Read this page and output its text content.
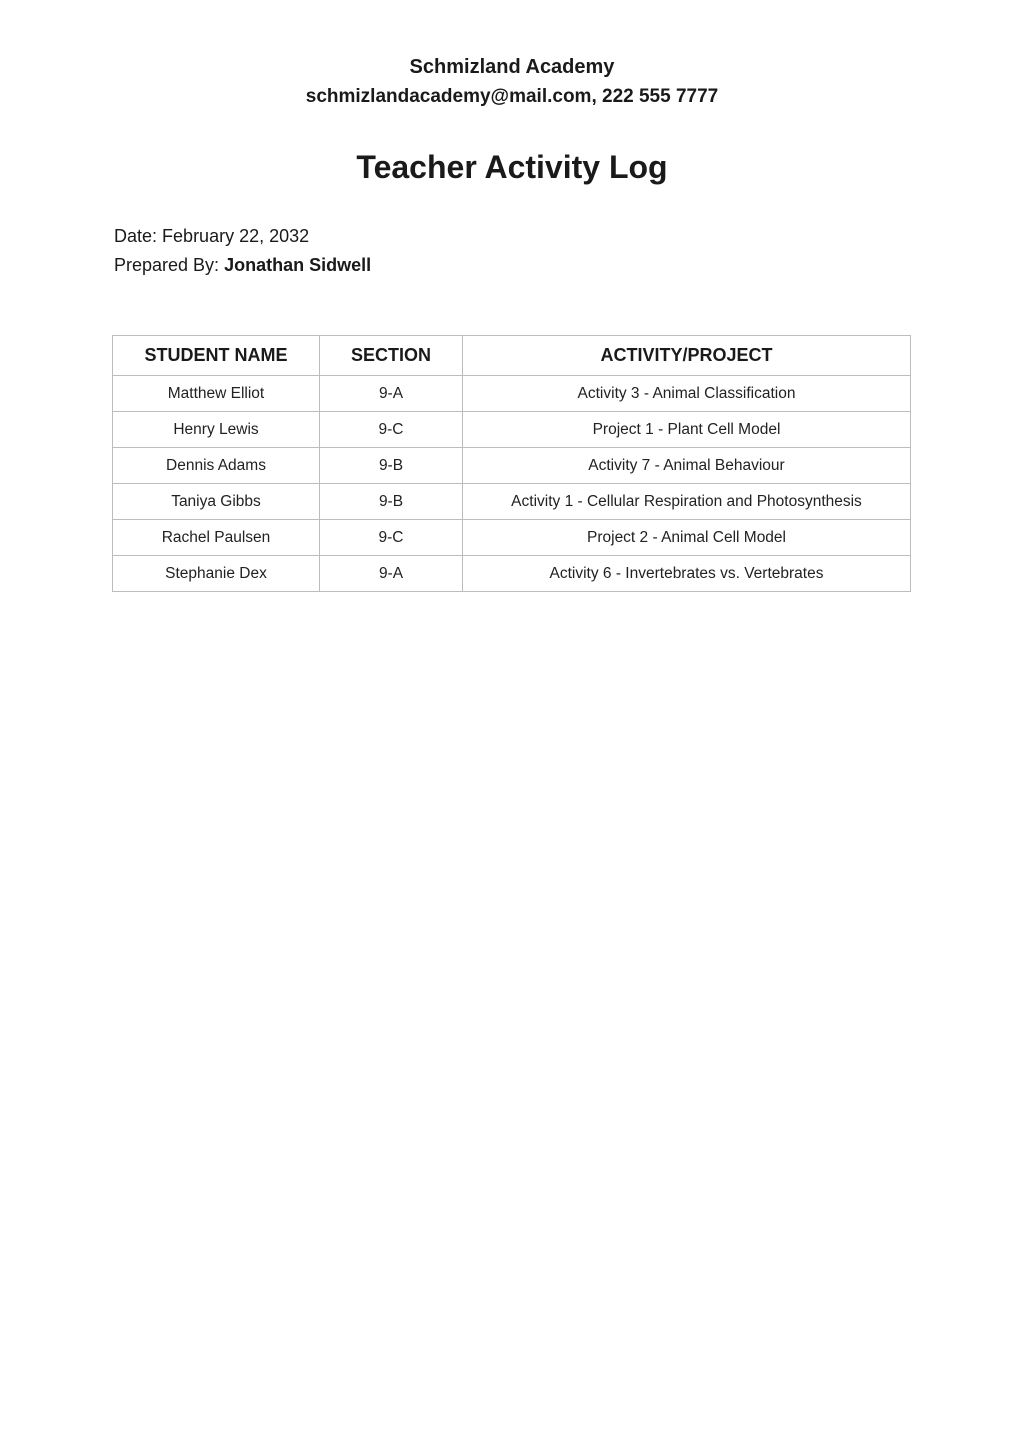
Schmizland Academy

schmizlandacademy@mail.com, 222 555 7777

Teacher Activity Log

Date: February 22, 2032

Prepared By: Jonathan Sidwell

STUDENT NAME	SECTION	ACTIVITY/PROJECT
Matthew Elliot	9-A	Activity 3 - Animal Classification
Henry Lewis	9-C	Project 1 - Plant Cell Model
Dennis Adams	9-B	Activity 7 - Animal Behaviour
Taniya Gibbs	9-B	Activity 1 - Cellular Respiration and Photosynthesis
Rachel Paulsen	9-C	Project 2 - Animal Cell Model
Stephanie Dex	9-A	Activity 6 - Invertebrates vs. Vertebrates
